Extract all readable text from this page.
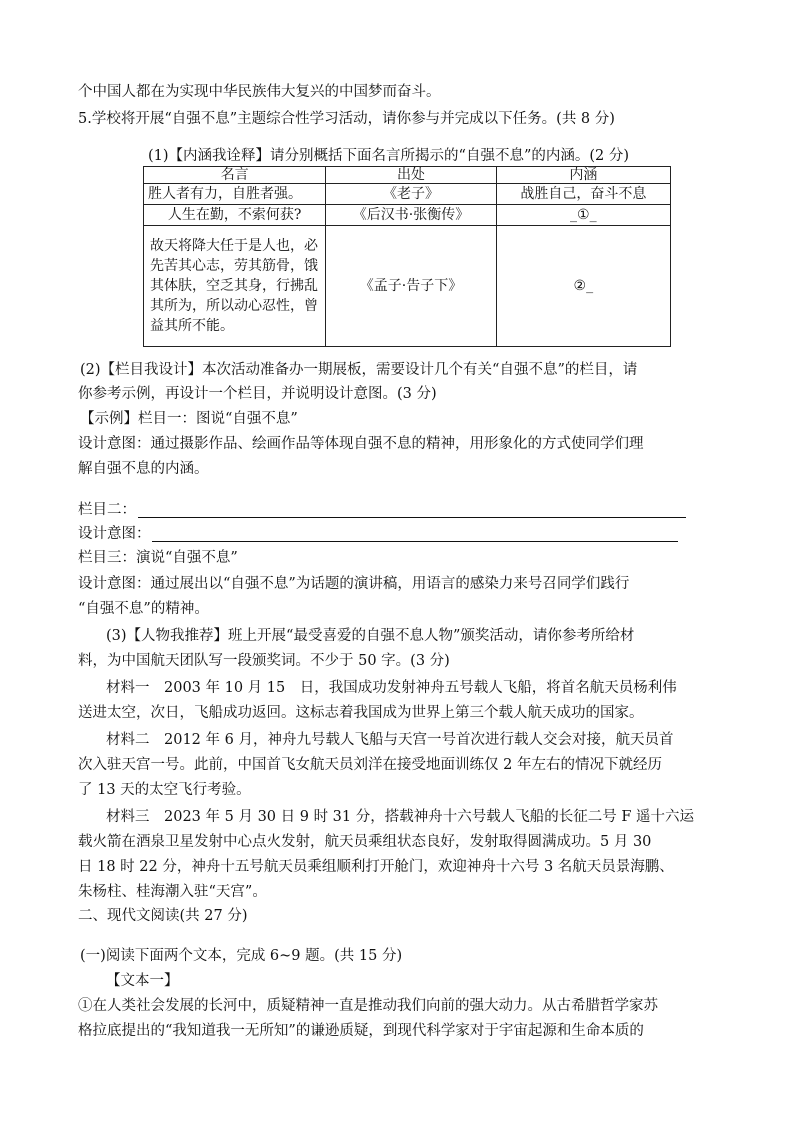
个中国人都在为实现中华民族伟大复兴的中国梦而奋斗。
5.学校将开展“自强不息”主题综合性学习活动，请你参与并完成以下任务。(共 8 分)
(1)【内涵我诠释】请分别概括下面名言所揭示的“自强不息”的内涵。(2 分)
名言	出处	内涵
胜人者有力，自胜者强。	《老子》	战胜自己，奋斗不息
人生在勤，不索何获?	《后汉书·张衡传》	_①_
故天将降大任于是人也，必先苦其心志，劳其筋骨，饿其体肤，空乏其身，行拂乱其所为，所以动心忍性，曾益其所不能。	《孟子·告子下》	②_
(2)【栏目我设计】本次活动准备办一期展板，需要设计几个有关“自强不息”的栏目，请
你参考示例，再设计一个栏目，并说明设计意图。(3 分)
【示例】栏目一：图说“自强不息”
设计意图：通过摄影作品、绘画作品等体现自强不息的精神，用形象化的方式使同学们理
解自强不息的内涵。
栏目二：
设计意图：
栏目三：演说“自强不息”
设计意图：通过展出以“自强不息”为话题的演讲稿，用语言的感染力来号召同学们践行
“自强不息”的精神。
(3)【人物我推荐】班上开展“最受喜爱的自强不息人物”颁奖活动，请你参考所给材
料，为中国航天团队写一段颁奖词。不少于 50 字。(3 分)
材料一　2003 年 10 月 15　日，我国成功发射神舟五号载人飞船，将首名航天员杨利伟
送进太空，次日，飞船成功返回。这标志着我国成为世界上第三个载人航天成功的国家。
材料二　2012 年 6 月，神舟九号载人飞船与天宫一号首次进行载人交会对接，航天员首
次入驻天宫一号。此前，中国首飞女航天员刘洋在接受地面训练仅 2 年左右的情况下就经历
了 13 天的太空飞行考验。
材料三　2023 年 5 月 30 日 9 时 31 分，搭载神舟十六号载人飞船的长征二号 F 遥十六运
载火箭在酒泉卫星发射中心点火发射，航天员乘组状态良好，发射取得圆满成功。5 月 30
日 18 时 22 分，神舟十五号航天员乘组顺利打开舱门，欢迎神舟十六号 3 名航天员景海鹏、
朱杨柱、桂海潮入驻“天宫”。
二、现代文阅读(共 27 分)
(一)阅读下面两个文本，完成 6~9 题。(共 15 分)
【文本一】
①在人类社会发展的长河中，质疑精神一直是推动我们向前的强大动力。从古希腊哲学家苏
格拉底提出的“我知道我一无所知”的谦逊质疑，到现代科学家对于宇宙起源和生命本质的
